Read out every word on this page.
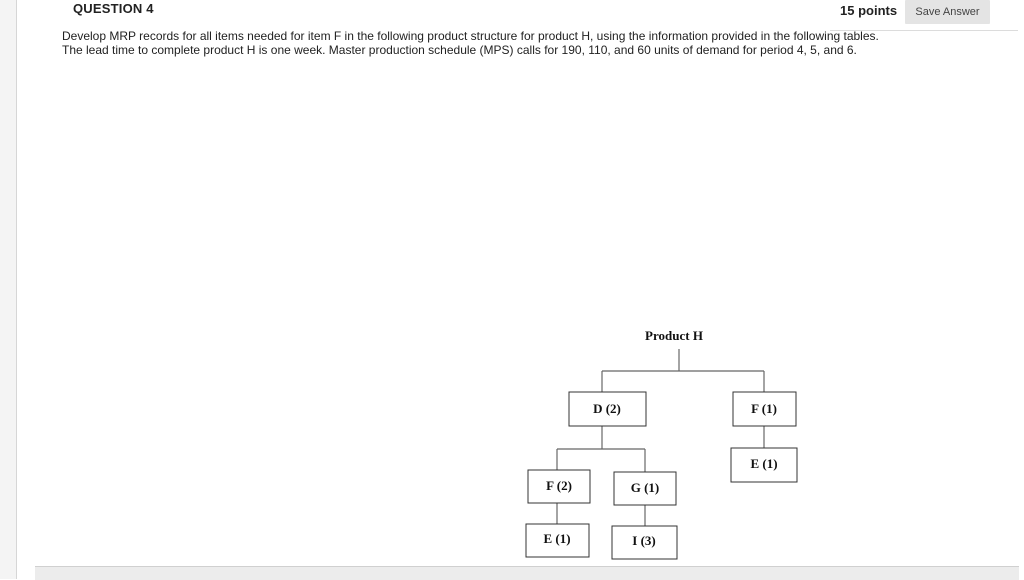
QUESTION 4	15 points	Save Answer
Develop MRP records for all items needed for item F in the following product structure for product H, using the information provided in the following tables. The lead time to complete product H is one week. Master production schedule (MPS) calls for 190, 110, and 60 units of demand for period 4, 5, and 6.
Product H
D (2)	F (1)
E (1)
F (2)	G (1)
E (1)	I (3)
